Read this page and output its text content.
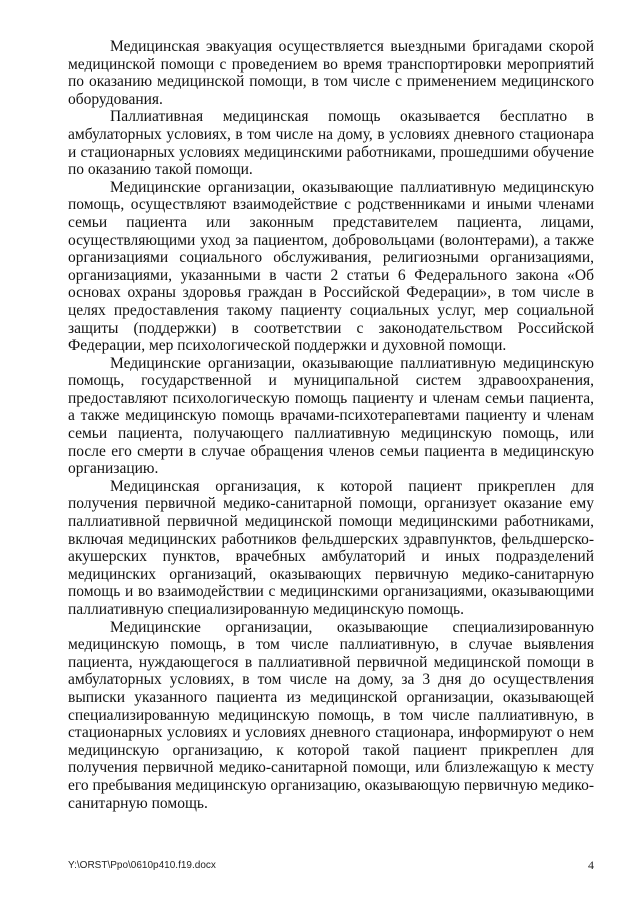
Медицинская эвакуация осуществляется выездными бригадами скорой медицинской помощи с проведением во время транспортировки мероприятий по оказанию медицинской помощи, в том числе с применением медицинского оборудования.

Паллиативная медицинская помощь оказывается бесплатно в амбулаторных условиях, в том числе на дому, в условиях дневного стационара и стационарных условиях медицинскими работниками, прошедшими обучение по оказанию такой помощи.

Медицинские организации, оказывающие паллиативную медицинскую помощь, осуществляют взаимодействие с родственниками и иными членами семьи пациента или законным представителем пациента, лицами, осуществляющими уход за пациентом, добровольцами (волонтерами), а также организациями социального обслуживания, религиозными организациями, организациями, указанными в части 2 статьи 6 Федерального закона «Об основах охраны здоровья граждан в Российской Федерации», в том числе в целях предоставления такому пациенту социальных услуг, мер социальной защиты (поддержки) в соответствии с законодательством Российской Федерации, мер психологической поддержки и духовной помощи.

Медицинские организации, оказывающие паллиативную медицинскую помощь, государственной и муниципальной систем здравоохранения, предоставляют психологическую помощь пациенту и членам семьи пациента, а также медицинскую помощь врачами-психотерапевтами пациенту и членам семьи пациента, получающего паллиативную медицинскую помощь, или после его смерти в случае обращения членов семьи пациента в медицинскую организацию.

Медицинская организация, к которой пациент прикреплен для получения первичной медико-санитарной помощи, организует оказание ему паллиативной первичной медицинской помощи медицинскими работниками, включая медицинских работников фельдшерских здравпунктов, фельдшерско-акушерских пунктов, врачебных амбулаторий и иных подразделений медицинских организаций, оказывающих первичную медико-санитарную помощь и во взаимодействии с медицинскими организациями, оказывающими паллиативную специализированную медицинскую помощь.

Медицинские организации, оказывающие специализированную медицинскую помощь, в том числе паллиативную, в случае выявления пациента, нуждающегося в паллиативной первичной медицинской помощи в амбулаторных условиях, в том числе на дому, за 3 дня до осуществления выписки указанного пациента из медицинской организации, оказывающей специализированную медицинскую помощь, в том числе паллиативную, в стационарных условиях и условиях дневного стационара, информируют о нем медицинскую организацию, к которой такой пациент прикреплен для получения первичной медико-санитарной помощи, или близлежащую к месту его пребывания медицинскую организацию, оказывающую первичную медико-санитарную помощь.

Y:\ORST\Ppo\0610p410.f19.docx	4
